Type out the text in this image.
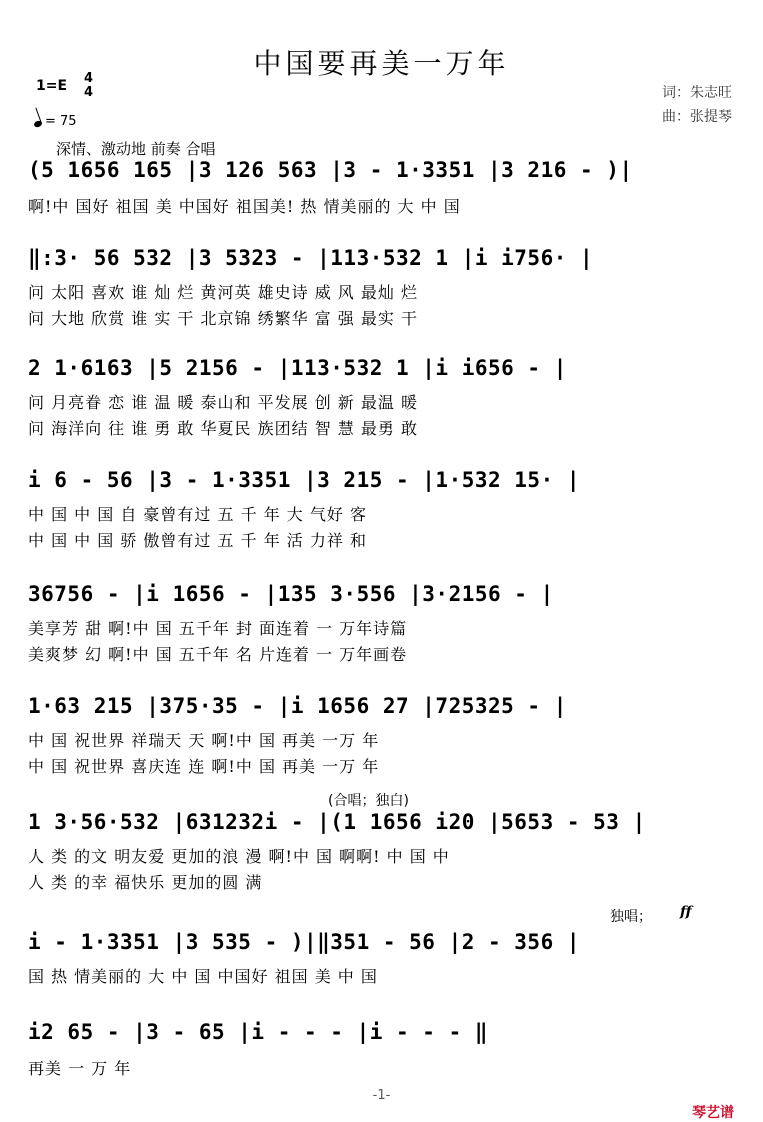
中国要再美一万年
1=E 4
4
= 75
词：朱志旺
曲：张提琴
深情、激动地 前奏 合唱
(5 1656 165 |3 126 563 |3 - 1·3351 |3 216 - )|
啊!中 国好 祖国 美 中国好 祖国美! 热 情美丽的 大 中 国
‖:3· 56 532 |3 5323 - |113·532 1 |i i756· |
问 太阳 喜欢 谁 灿 烂 黄河英 雄史诗 威 风 最灿 烂
问 大地 欣赏 谁 实 干 北京锦 绣繁华 富 强 最实 干
2 1·6163 |5 2156 - |113·532 1 |i i656 - |
问 月亮眷 恋 谁 温 暖 泰山和 平发展 创 新 最温 暖
问 海洋向 往 谁 勇 敢 华夏民 族团结 智 慧 最勇 敢
i 6 - 56 |3 - 1·3351 |3 215 - |1·532 15· |
中 国 中 国 自 豪曾有过 五 千 年 大 气好 客
中 国 中 国 骄 傲曾有过 五 千 年 活 力祥 和
36756 - |i 1656 - |135 3·556 |3·2156 - |
美享芳 甜 啊!中 国 五千年 封 面连着 一 万年诗篇
美爽梦 幻 啊!中 国 五千年 名 片连着 一 万年画卷
1·63 215 |375·35 - |i 1656 27 |725325 - |
中 国 祝世界 祥瑞天 天 啊!中 国 再美 一万 年
中 国 祝世界 喜庆连 连 啊!中 国 再美 一万 年
(合唱；独白)
1 3·56·532 |631232i - |(1 1656 i20 |5653 - 53 |
人 类 的文 明友爱 更加的浪 漫 啊!中 国 啊啊! 中 国 中
人 类 的幸 福快乐 更加的圆 满
独唱； ff
i - 1·3351 |3 535 - )|‖351 - 56 |2 - 356 |
国 热 情美丽的 大 中 国 中国好 祖国 美 中 国
i2 65 - |3 - 65 |i - - - |i - - - ‖
再美 一 万 年
-1-
琴艺谱
